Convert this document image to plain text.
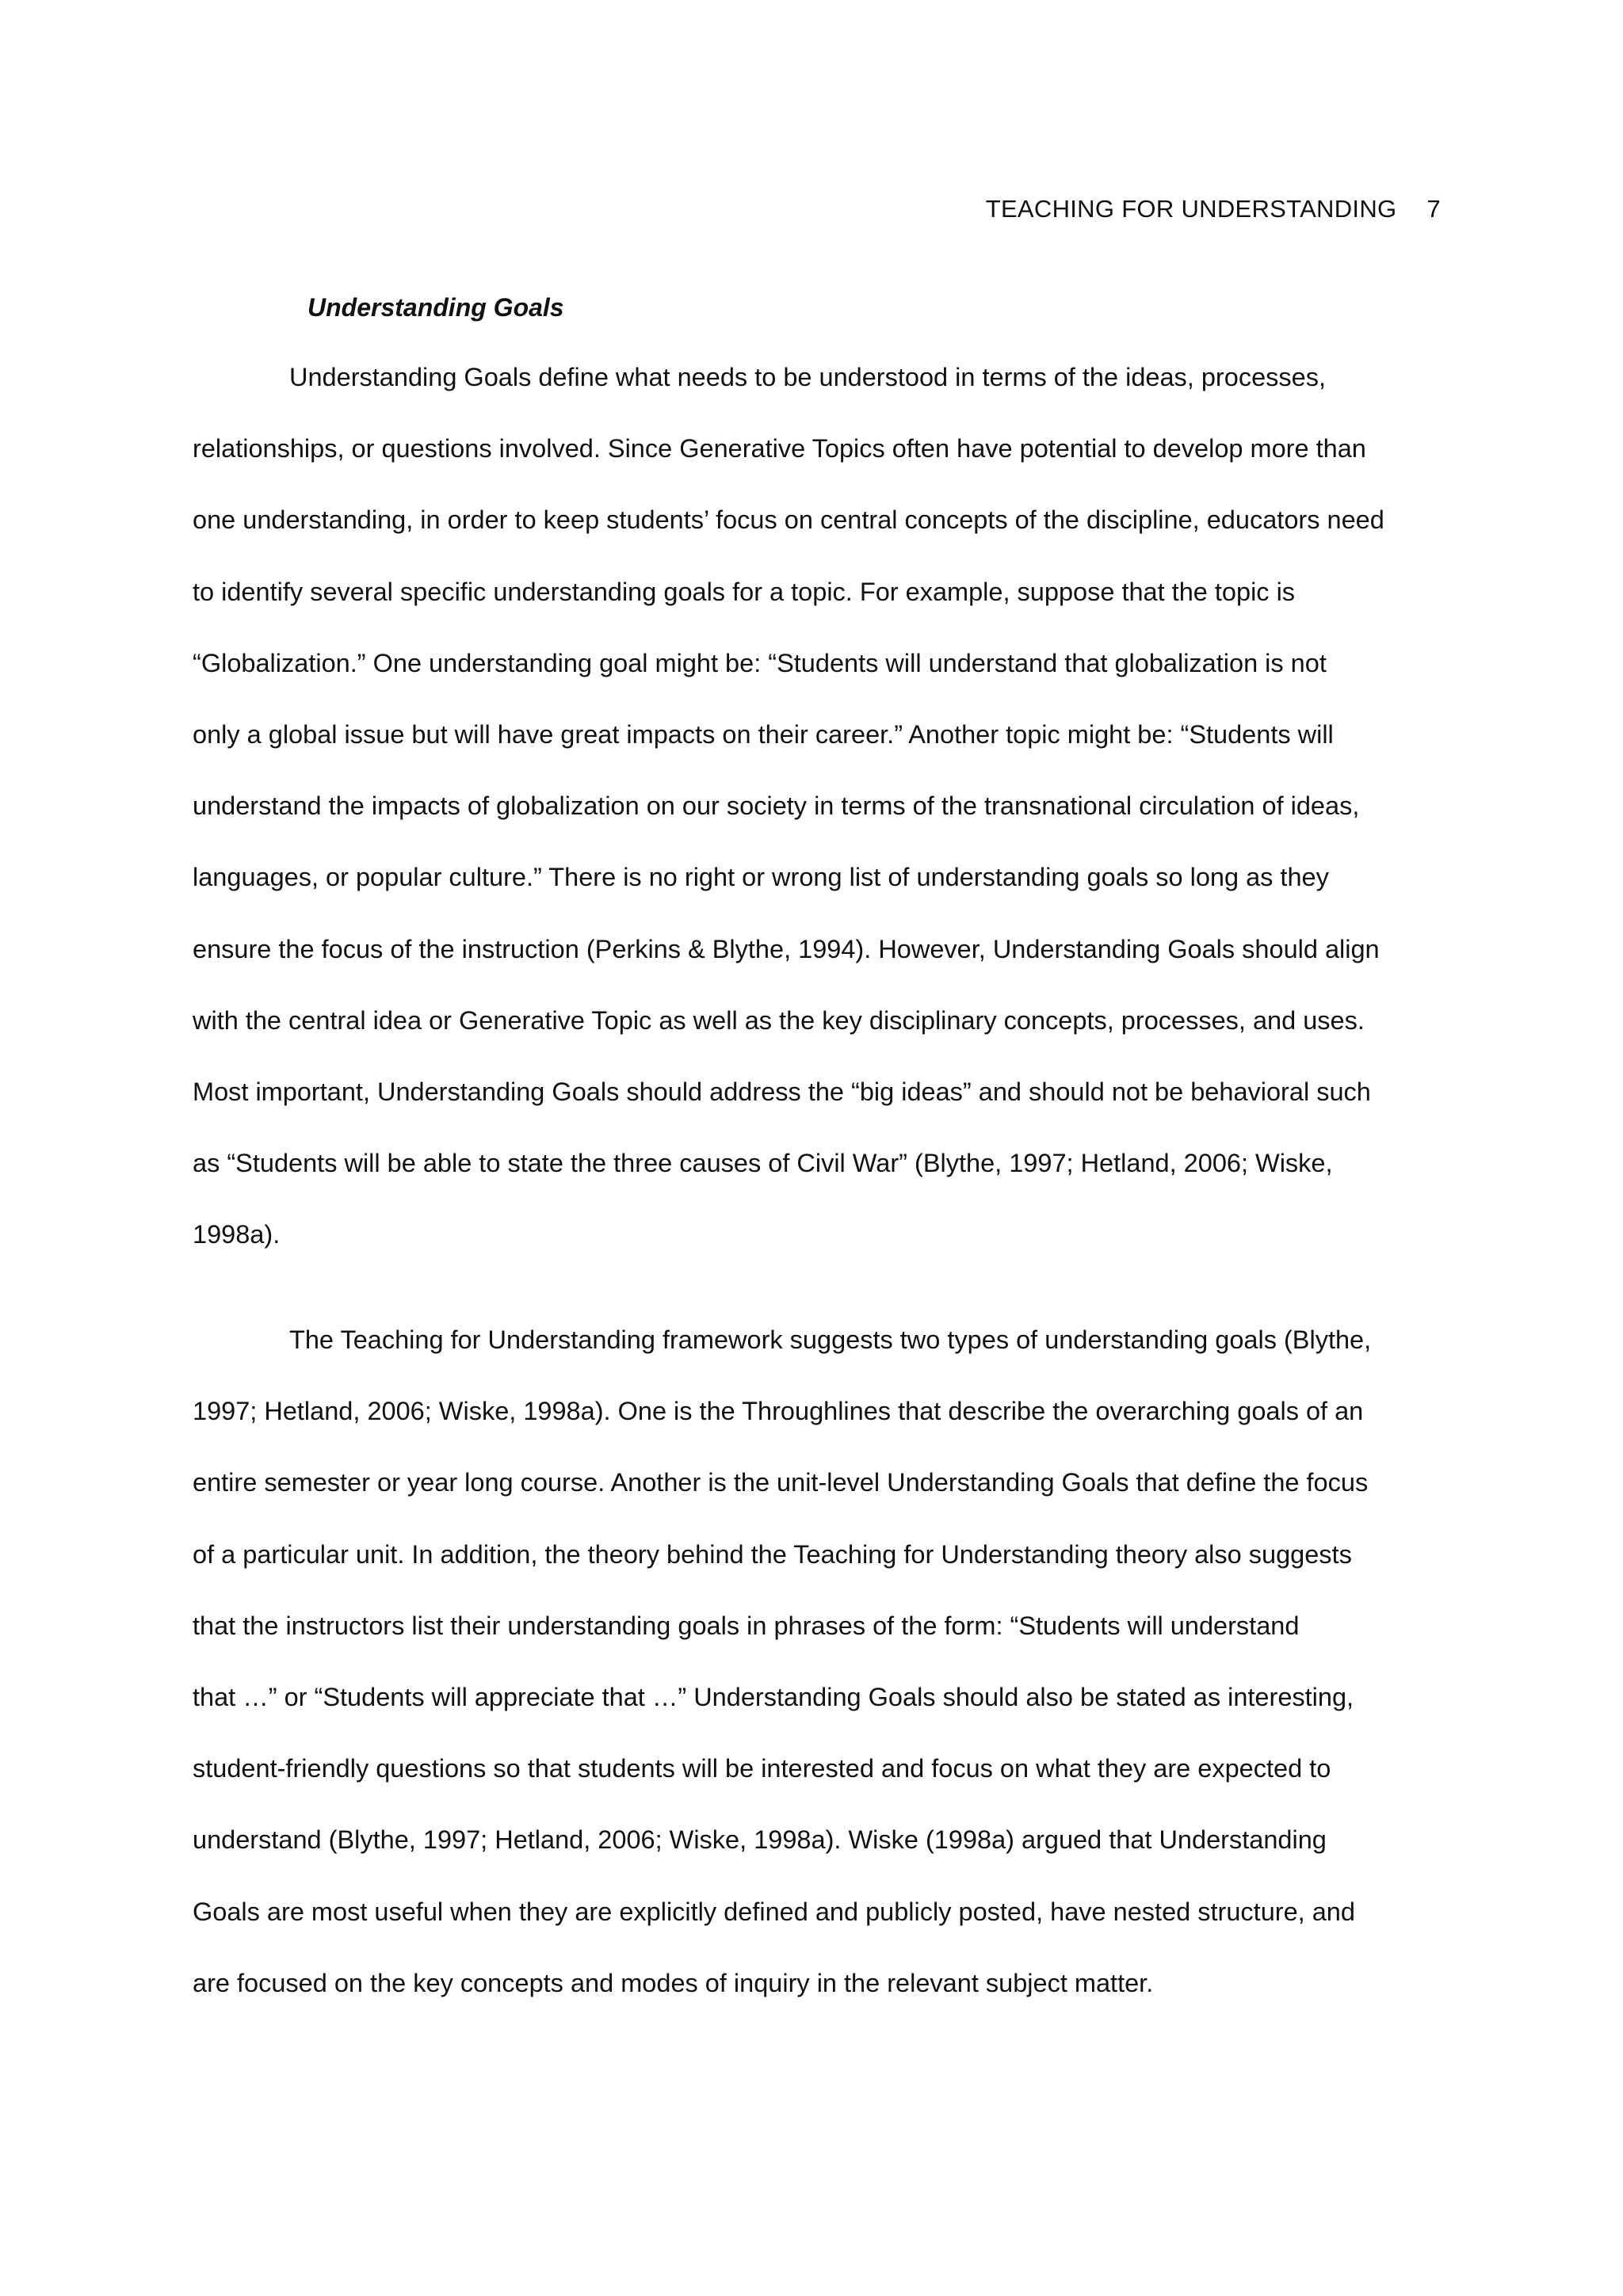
TEACHING FOR UNDERSTANDING 7
Understanding Goals
Understanding Goals define what needs to be understood in terms of the ideas, processes,
relationships, or questions involved. Since Generative Topics often have potential to develop more than
one understanding, in order to keep students’ focus on central concepts of the discipline, educators need
to identify several specific understanding goals for a topic. For example, suppose that the topic is
“Globalization.” One understanding goal might be: “Students will understand that globalization is not
only a global issue but will have great impacts on their career.” Another topic might be: “Students will
understand the impacts of globalization on our society in terms of the transnational circulation of ideas,
languages, or popular culture.” There is no right or wrong list of understanding goals so long as they
ensure the focus of the instruction (Perkins & Blythe, 1994). However, Understanding Goals should align
with the central idea or Generative Topic as well as the key disciplinary concepts, processes, and uses.
Most important, Understanding Goals should address the “big ideas” and should not be behavioral such
as “Students will be able to state the three causes of Civil War” (Blythe, 1997; Hetland, 2006; Wiske,
1998a).
The Teaching for Understanding framework suggests two types of understanding goals (Blythe,
1997; Hetland, 2006; Wiske, 1998a). One is the Throughlines that describe the overarching goals of an
entire semester or year long course. Another is the unit-level Understanding Goals that define the focus
of a particular unit. In addition, the theory behind the Teaching for Understanding theory also suggests
that the instructors list their understanding goals in phrases of the form: “Students will understand
that …” or “Students will appreciate that …” Understanding Goals should also be stated as interesting,
student-friendly questions so that students will be interested and focus on what they are expected to
understand (Blythe, 1997; Hetland, 2006; Wiske, 1998a). Wiske (1998a) argued that Understanding
Goals are most useful when they are explicitly defined and publicly posted, have nested structure, and
are focused on the key concepts and modes of inquiry in the relevant subject matter.
